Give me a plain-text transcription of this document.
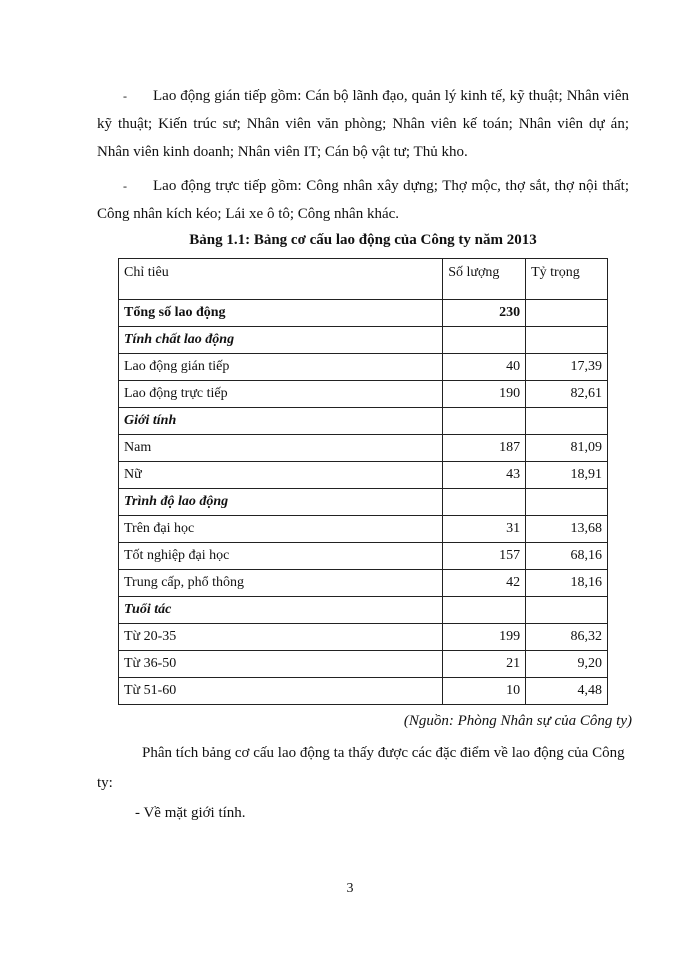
- Lao động gián tiếp gồm: Cán bộ lãnh đạo, quản lý kinh tế, kỹ thuật; Nhân viên kỹ thuật; Kiến trúc sư; Nhân viên văn phòng; Nhân viên kế toán; Nhân viên dự án; Nhân viên kinh doanh; Nhân viên IT; Cán bộ vật tư; Thủ kho.

- Lao động trực tiếp gồm: Công nhân xây dựng; Thợ mộc, thợ sắt, thợ nội thất; Công nhân kích kéo; Lái xe ô tô; Công nhân khác.

Bảng 1.1: Bảng cơ cấu lao động của Công ty năm 2013
Chỉ tiêu	Số lượng	Tỷ trọng
Tổng số lao động	230	
Tính chất lao động		
Lao động gián tiếp	40	17,39
Lao động trực tiếp	190	82,61
Giới tính		
Nam	187	81,09
Nữ	43	18,91
Trình độ lao động		
Trên đại học	31	13,68
Tốt nghiệp đại học	157	68,16
Trung cấp, phổ thông	42	18,16
Tuổi tác		
Từ 20-35	199	86,32
Từ 36-50	21	9,20
Từ 51-60	10	4,48
(Nguồn: Phòng Nhân sự của Công ty)

Phân tích bảng cơ cấu lao động ta thấy được các đặc điểm về lao động của Công ty:

- Về mặt giới tính.
3
